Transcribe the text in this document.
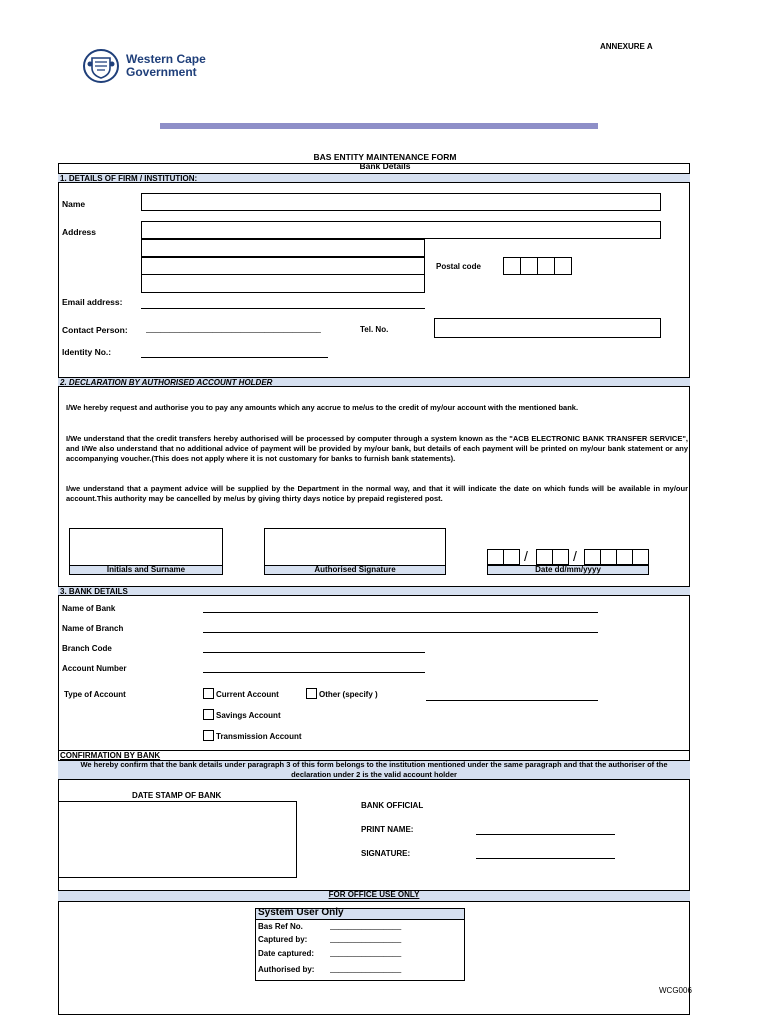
ANNEXURE A
Western Cape
Government
BAS ENTITY MAINTENANCE FORM
Bank Details
1. DETAILS OF FIRM / INSTITUTION:
Name
Address
Postal code
Email address:
Contact Person: _____________________________________	Tel. No.
Identity No.:
2. DECLARATION BY AUTHORISED ACCOUNT HOLDER
I/We hereby request and authorise you to pay any amounts which any accrue to me/us to the credit of my/our account with the mentioned bank.
I/We understand that the credit transfers hereby authorised will be processed by computer through a system known as the "ACB ELECTRONIC BANK TRANSFER SERVICE", and I/We also understand that no additional advice of payment will be provided by my/our bank, but details of each payment will be printed on my/our bank statement or any accompanying voucher.(This does not apply where it is not customary for banks to furnish bank statements).
I/we understand that a payment advice will be supplied by the Department in the normal way, and that it will indicate the date on which funds will be available in my/our account.This authority may be cancelled by me/us by giving thirty days notice by prepaid registered post.
Initials and Surname	Authorised Signature
/	/
Date dd/mm/yyyy
3. BANK DETAILS
Name of Bank
Name of Branch
Branch Code
Account Number
Type of Account	Current Account	Other (specify )
Savings Account
Transmission Account
CONFIRMATION BY BANK
We hereby confirm that the bank details under paragraph 3 of this form belongs to the institution mentioned under the same paragraph and that the authoriser of the declaration under 2 is the valid account holder
DATE STAMP OF BANK
BANK OFFICIAL
PRINT NAME:
SIGNATURE:
FOR OFFICE USE ONLY
System User Only
Bas Ref No.	________________
Captured by:	________________
Date captured: ________________
Authorised by: ________________
WCG006
